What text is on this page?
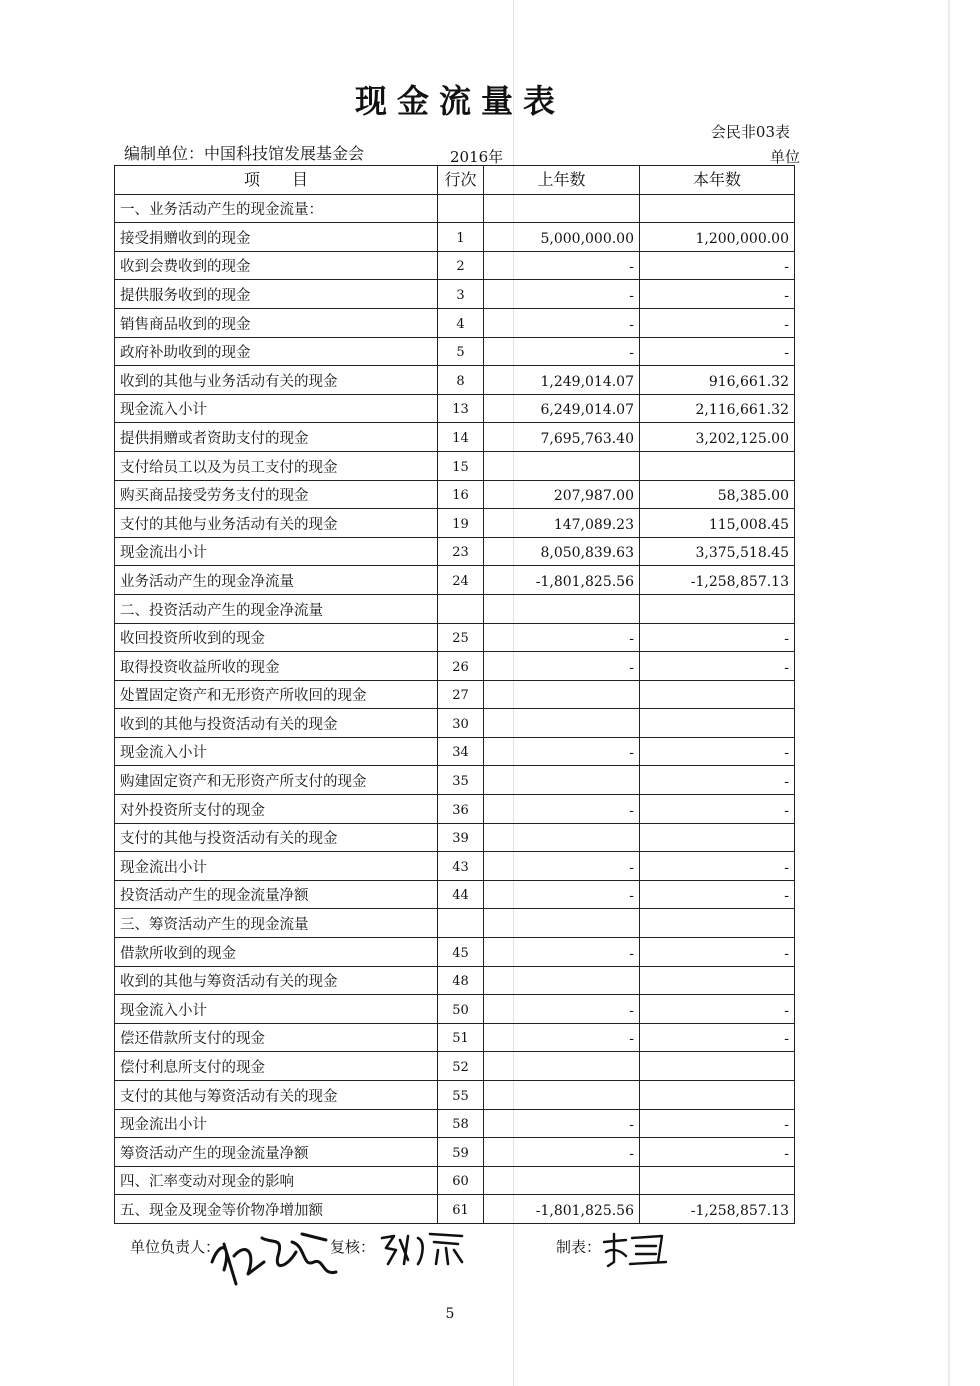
现金流量表
会民非03表
编制单位：中国科技馆发展基金会	2016年	单位
项　　目	行次	上年数	本年数
一、业务活动产生的现金流量：			
接受捐赠收到的现金	1	5,000,000.00	1,200,000.00
收到会费收到的现金	2	-	-
提供服务收到的现金	3	-	-
销售商品收到的现金	4	-	-
政府补助收到的现金	5	-	-
收到的其他与业务活动有关的现金	8	1,249,014.07	916,661.32
现金流入小计	13	6,249,014.07	2,116,661.32
提供捐赠或者资助支付的现金	14	7,695,763.40	3,202,125.00
支付给员工以及为员工支付的现金	15		
购买商品接受劳务支付的现金	16	207,987.00	58,385.00
支付的其他与业务活动有关的现金	19	147,089.23	115,008.45
现金流出小计	23	8,050,839.63	3,375,518.45
业务活动产生的现金净流量	24	-1,801,825.56	-1,258,857.13
二、投资活动产生的现金净流量			
收回投资所收到的现金	25	-	-
取得投资收益所收的现金	26	-	-
处置固定资产和无形资产所收回的现金	27		
收到的其他与投资活动有关的现金	30		
现金流入小计	34	-	-
购建固定资产和无形资产所支付的现金	35		-
对外投资所支付的现金	36	-	-
支付的其他与投资活动有关的现金	39		
现金流出小计	43	-	-
投资活动产生的现金流量净额	44	-	-
三、筹资活动产生的现金流量			
借款所收到的现金	45	-	-
收到的其他与筹资活动有关的现金	48		
现金流入小计	50	-	-
偿还借款所支付的现金	51	-	-
偿付利息所支付的现金	52		
支付的其他与筹资活动有关的现金	55		
现金流出小计	58	-	-
筹资活动产生的现金流量净额	59	-	-
四、汇率变动对现金的影响	60		
五、现金及现金等价物净增加额	61	-1,801,825.56	-1,258,857.13
单位负责人：	复核：	制表：
5
